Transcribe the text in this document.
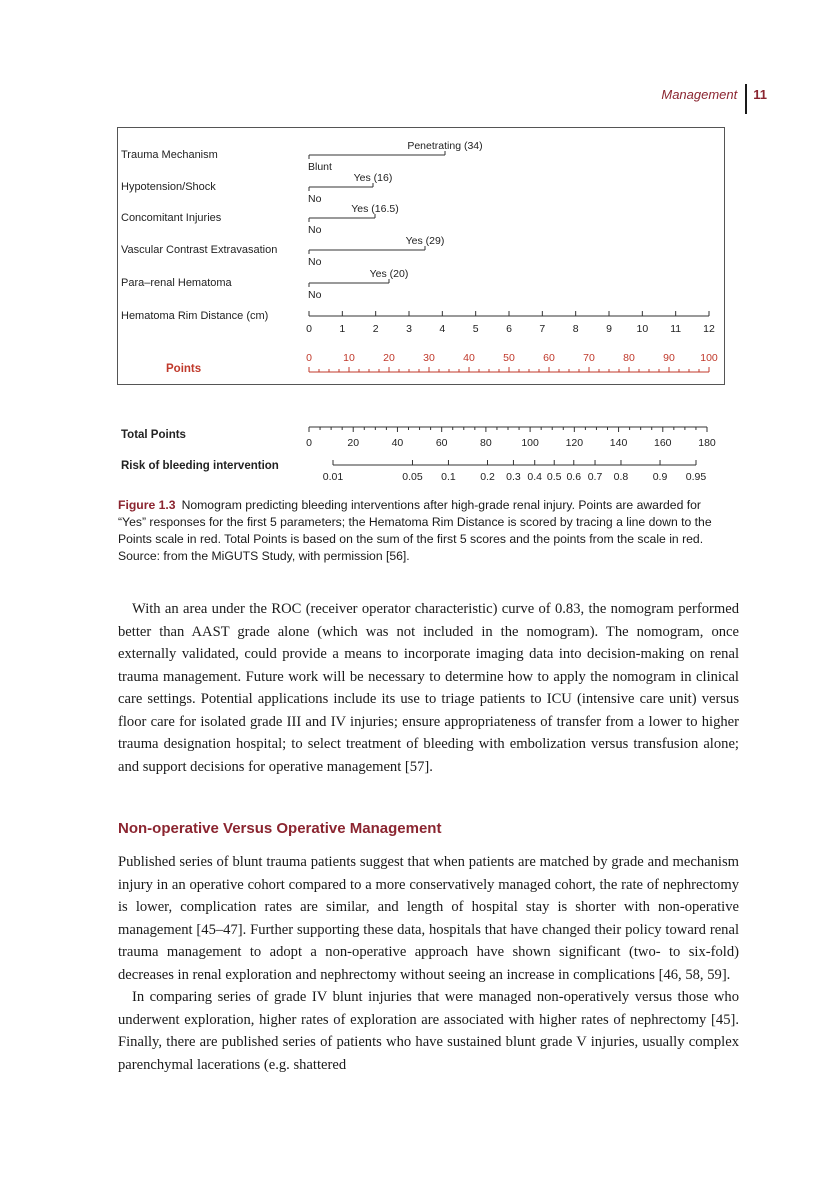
Management 11
Trauma Mechanism
Blunt
Penetrating (34)
Hypotension/Shock
No
Yes (16)
Concomitant Injuries
No
Yes (16.5)
Vascular Contrast Extravasation
No
Yes (29)
Para–renal Hematoma
No
Yes (20)
Hematoma Rim Distance (cm)
0	1	2	3	4	5	6	7	8	9 10 11 12
Points
0	10	20	30	40	50	60	70	80	90 100
Total Points
0	20	40	60	80	100	120	140	160	180
Risk of bleeding intervention
0.01	0.05 0.1 0.2 0.3 0.4 0.5 0.6 0.7 0.8 0.9 0.95

Figure 1.3 Nomogram predicting bleeding interventions after high-grade renal injury. Points are awarded for “Yes” responses for the first 5 parameters; the Hematoma Rim Distance is scored by tracing a line down to the Points scale in red. Total Points is based on the sum of the first 5 scores and the points from the scale in red. Source: from the MiGUTS Study, with permission [56].

With an area under the ROC (receiver operator characteristic) curve of 0.83, the nomogram performed better than AAST grade alone (which was not included in the nomogram). The nomogram, once externally validated, could provide a means to incorporate imaging data into decision-making on renal trauma management. Future work will be necessary to determine how to apply the nomogram in clinical care settings. Potential applications include its use to triage patients to ICU (intensive care unit) versus floor care for isolated grade III and IV injuries; ensure appropriateness of transfer from a lower to higher trauma designation hospital; to select treatment of bleeding with embolization versus transfusion alone; and support decisions for operative management [57].

Non-operative Versus Operative Management

Published series of blunt trauma patients suggest that when patients are matched by grade and mechanism injury in an operative cohort compared to a more conservatively managed cohort, the rate of nephrectomy is lower, complication rates are similar, and length of hospital stay is shorter with non-operative management [45–47]. Further supporting these data, hospitals that have changed their policy toward renal trauma management to adopt a non-operative approach have shown significant (two- to six-fold) decreases in renal exploration and nephrectomy without seeing an increase in complications [46, 58, 59].

In comparing series of grade IV blunt injuries that were managed non-operatively versus those who underwent exploration, higher rates of exploration are associated with higher rates of nephrectomy [45]. Finally, there are published series of patients who have sustained blunt grade V injuries, usually complex parenchymal lacerations (e.g. shattered
